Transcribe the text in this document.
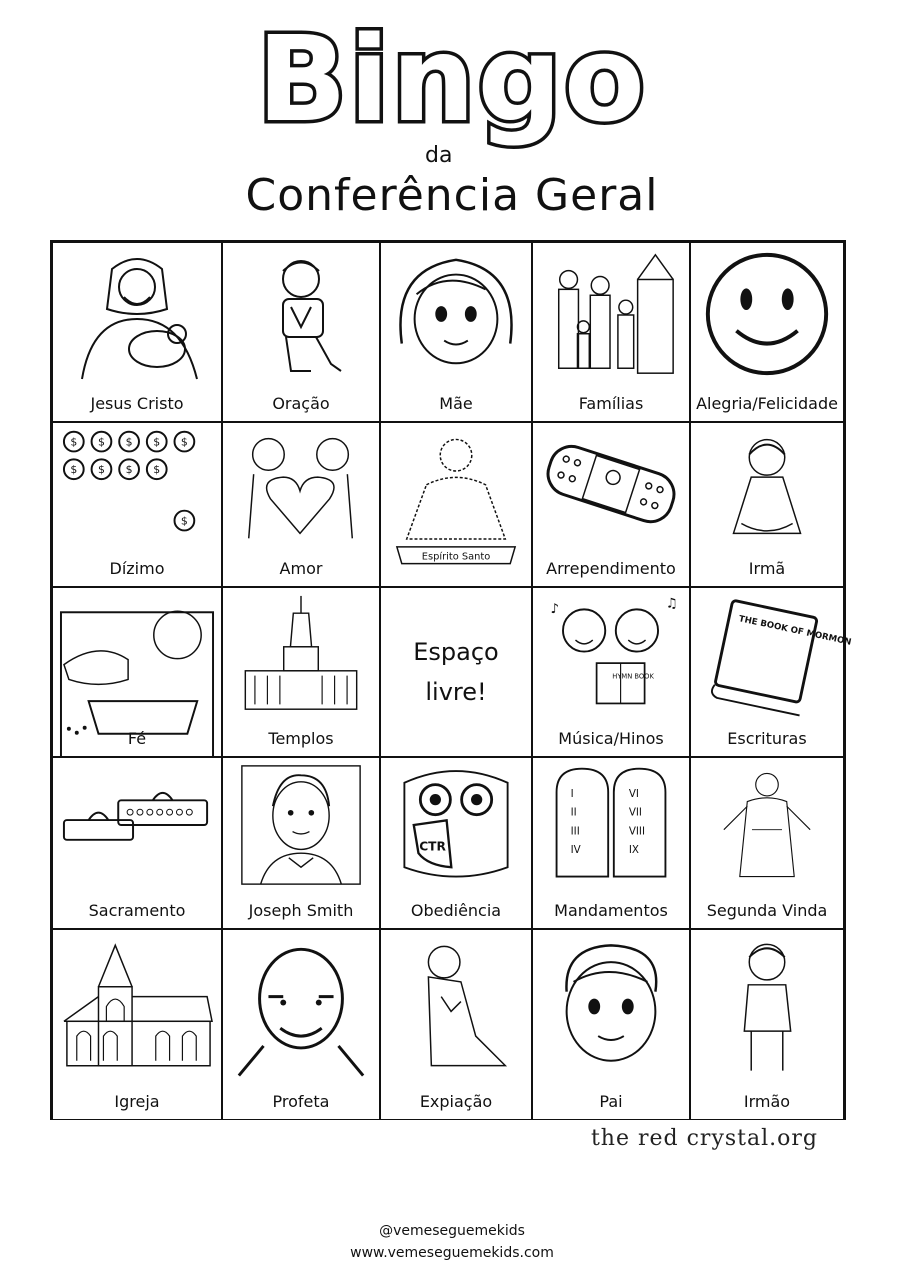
Bingo
da
Conferência Geral
Jesus Cristo	Oração	Mãe	Famílias	Alegria/Felicidade
$ $ $ $ $
$ $ $ $
$
Dízimo	Amor
Espírito Santo
Arrependimento	Irmã
Fé	Templos
Espaço
livre!
HYMN BOOK
♪	♫
Música/Hinos
THE BOOK OF MORMON
Escrituras
Sacramento	Joseph Smith
CTR
Obediência
I
II
III
IV
VI
VII
VIII
IX
Mandamentos	Segunda Vinda
Igreja	Profeta	Expiação	Pai	Irmão
the red crystal.org
@vemeseguemekids
www.vemeseguemekids.com
